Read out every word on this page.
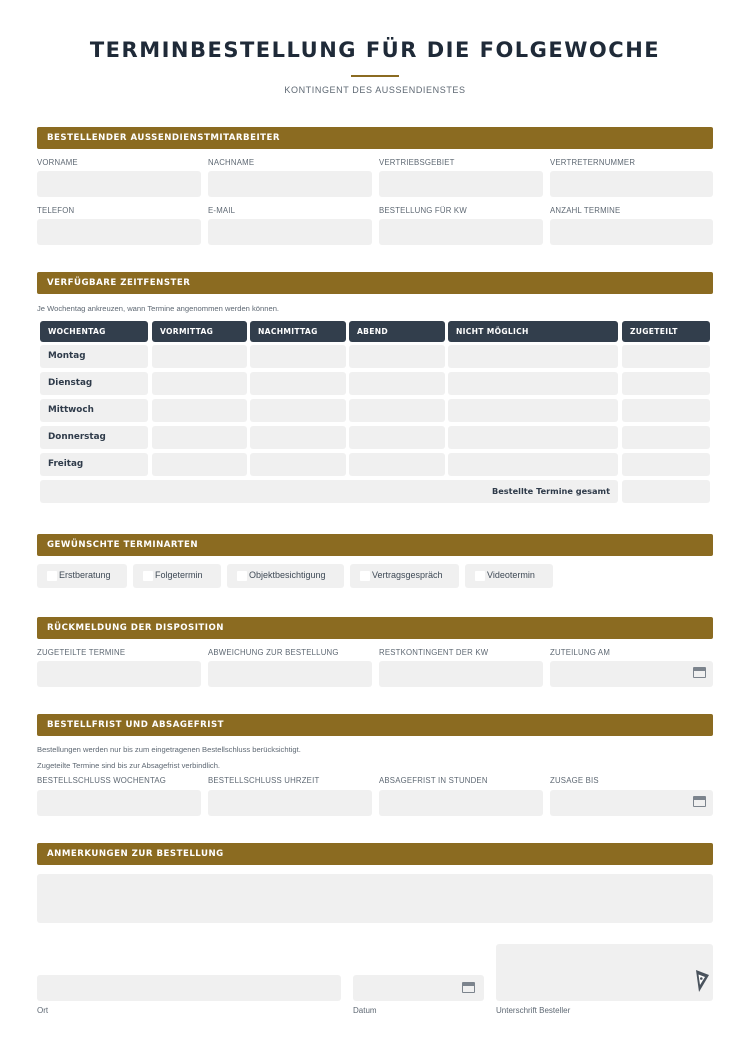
TERMINBESTELLUNG FÜR DIE FOLGEWOCHE
KONTINGENT DES AUSSENDIENSTES
BESTELLENDER AUSSENDIENSTMITARBEITER
VORNAME	NACHNAME	VERTRIEBSGEBIET	VERTRETERNUMMER
TELEFON	E-MAIL	BESTELLUNG FÜR KW	ANZAHL TERMINE
VERFÜGBARE ZEITFENSTER
Je Wochentag ankreuzen, wann Termine angenommen werden können.
WOCHENTAG	VORMITTAG	NACHMITTAG	ABEND	NICHT MÖGLICH	ZUGETEILT
Montag
Dienstag
Mittwoch
Donnerstag
Freitag
Bestellte Termine gesamt
GEWÜNSCHTE TERMINARTEN
Erstberatung	Folgetermin	Objektbesichtigung	Vertragsgespräch	Videotermin
RÜCKMELDUNG DER DISPOSITION
ZUGETEILTE TERMINE	ABWEICHUNG ZUR BESTELLUNG	RESTKONTINGENT DER KW	ZUTEILUNG AM
BESTELLFRIST UND ABSAGEFRIST
Bestellungen werden nur bis zum eingetragenen Bestellschluss berücksichtigt.
Zugeteilte Termine sind bis zur Absagefrist verbindlich.
BESTELLSCHLUSS WOCHENTAG	BESTELLSCHLUSS UHRZEIT	ABSAGEFRIST IN STUNDEN	ZUSAGE BIS
ANMERKUNGEN ZUR BESTELLUNG
Ort	Datum	Unterschrift Besteller
